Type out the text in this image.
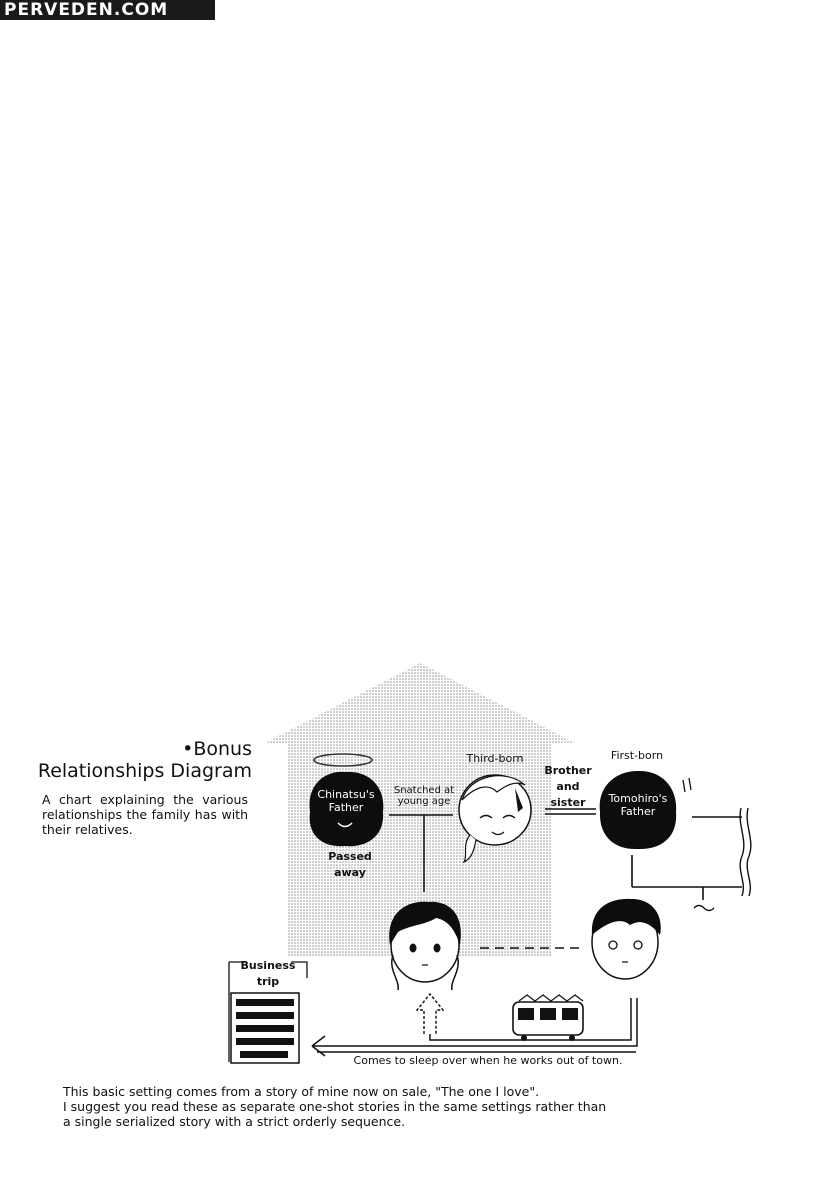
PERVEDEN.COM
•Bonus
Relationships Diagram
A chart explaining the various relationships the family has with their relatives.
Chinatsu's
Father
Passed
away
Snatched at
young age
Third-born
Brother
and
sister
First-born
Tomohiro's
Father
Business
trip
Comes to sleep over when he works out of town.
This basic setting comes from a story of mine now on sale, "The one I love".
I suggest you read these as separate one-shot stories in the same settings rather than
a single serialized story with a strict orderly sequence.
